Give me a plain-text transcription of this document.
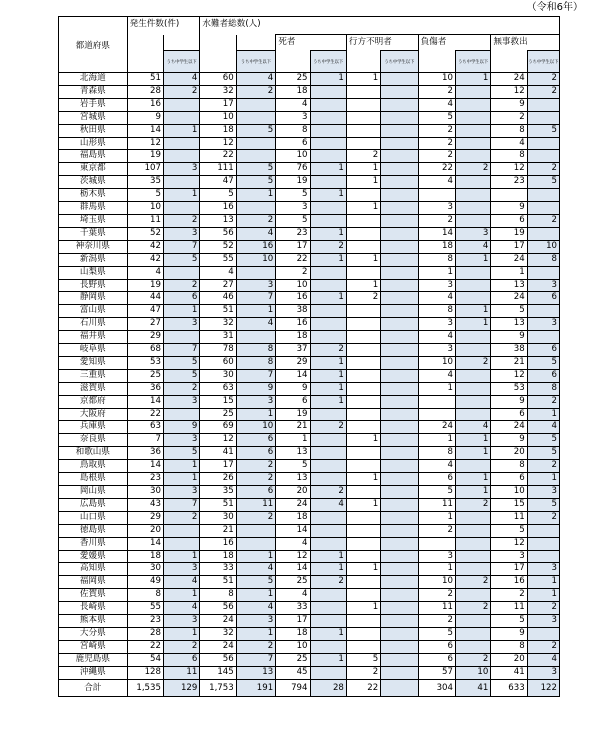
（令和6年）
都道府県	発生件数(件)		水難者総数(人)									
					死者		行方不明者		負傷者		無事救出	
		うち中学生以下		うち中学生以下		うち中学生以下		うち中学生以下		うち中学生以下		うち中学生以下
北海道	51	4	60	4	25	1	1		10	1	24	2
青森県	28	2	32	2	18				2		12	2
岩手県	16		17		4				4		9	
宮城県	9		10		3				5		2	
秋田県	14	1	18	5	8				2		8	5
山形県	12		12		6				2		4	
福島県	19		22		10		2		2		8	
東京都	107	3	111	5	76	1	1		22	2	12	2
茨城県	35		47	5	19		1		4		23	5
栃木県	5	1	5	1	5	1						
群馬県	10		16		3		1		3		9	
埼玉県	11	2	13	2	5				2		6	2
千葉県	52	3	56	4	23	1			14	3	19	
神奈川県	42	7	52	16	17	2			18	4	17	10
新潟県	42	5	55	10	22	1	1		8	1	24	8
山梨県	4		4		2				1		1	
長野県	19	2	27	3	10		1		3		13	3
静岡県	44	6	46	7	16	1	2		4		24	6
富山県	47	1	51	1	38				8	1	5	
石川県	27	3	32	4	16				3	1	13	3
福井県	29		31		18				4		9	
岐阜県	68	7	78	8	37	2			3		38	6
愛知県	53	5	60	8	29	1			10	2	21	5
三重県	25	5	30	7	14	1			4		12	6
滋賀県	36	2	63	9	9	1			1		53	8
京都府	14	3	15	3	6	1					9	2
大阪府	22		25	1	19						6	1
兵庫県	63	9	69	10	21	2			24	4	24	4
奈良県	7	3	12	6	1		1		1	1	9	5
和歌山県	36	5	41	6	13				8	1	20	5
鳥取県	14	1	17	2	5				4		8	2
島根県	23	1	26	2	13		1		6	1	6	1
岡山県	30	3	35	6	20	2			5	1	10	3
広島県	43	7	51	11	24	4	1		11	2	15	5
山口県	29	2	30	2	18				1		11	2
徳島県	20		21		14				2		5	
香川県	14		16		4						12	
愛媛県	18	1	18	1	12	1			3		3	
高知県	30	3	33	4	14	1	1		1		17	3
福岡県	49	4	51	5	25	2			10	2	16	1
佐賀県	8	1	8	1	4				2		2	1
長崎県	55	4	56	4	33		1		11	2	11	2
熊本県	23	3	24	3	17				2		5	3
大分県	28	1	32	1	18	1			5		9	
宮崎県	22	2	24	2	10				6		8	2
鹿児島県	54	6	56	7	25	1	5		6	2	20	4
沖縄県	128	11	145	13	45		2		57	10	41	3
合計	1,535	129	1,753	191	794	28	22		304	41	633	122
